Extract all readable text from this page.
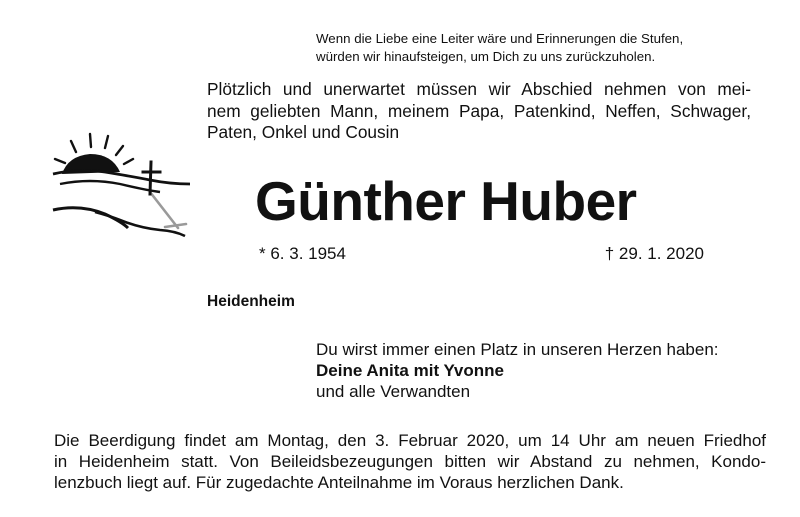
Wenn die Liebe eine Leiter wäre und Erinnerungen die Stufen,
würden wir hinaufsteigen, um Dich zu uns zurückzuholen.
Plötzlich und unerwartet müssen wir Abschied nehmen von mei-
nem geliebten Mann, meinem Papa, Patenkind, Neffen, Schwager,
Paten, Onkel und Cousin
Günther Huber
* 6. 3. 1954	† 29. 1. 2020
Heidenheim
Du wirst immer einen Platz in unseren Herzen haben:
Deine Anita mit Yvonne
und alle Verwandten
Die Beerdigung findet am Montag, den 3. Februar 2020, um 14 Uhr am neuen Friedhof
in Heidenheim statt. Von Beileidsbezeugungen bitten wir Abstand zu nehmen, Kondo-
lenzbuch liegt auf. Für zugedachte Anteilnahme im Voraus herzlichen Dank.
